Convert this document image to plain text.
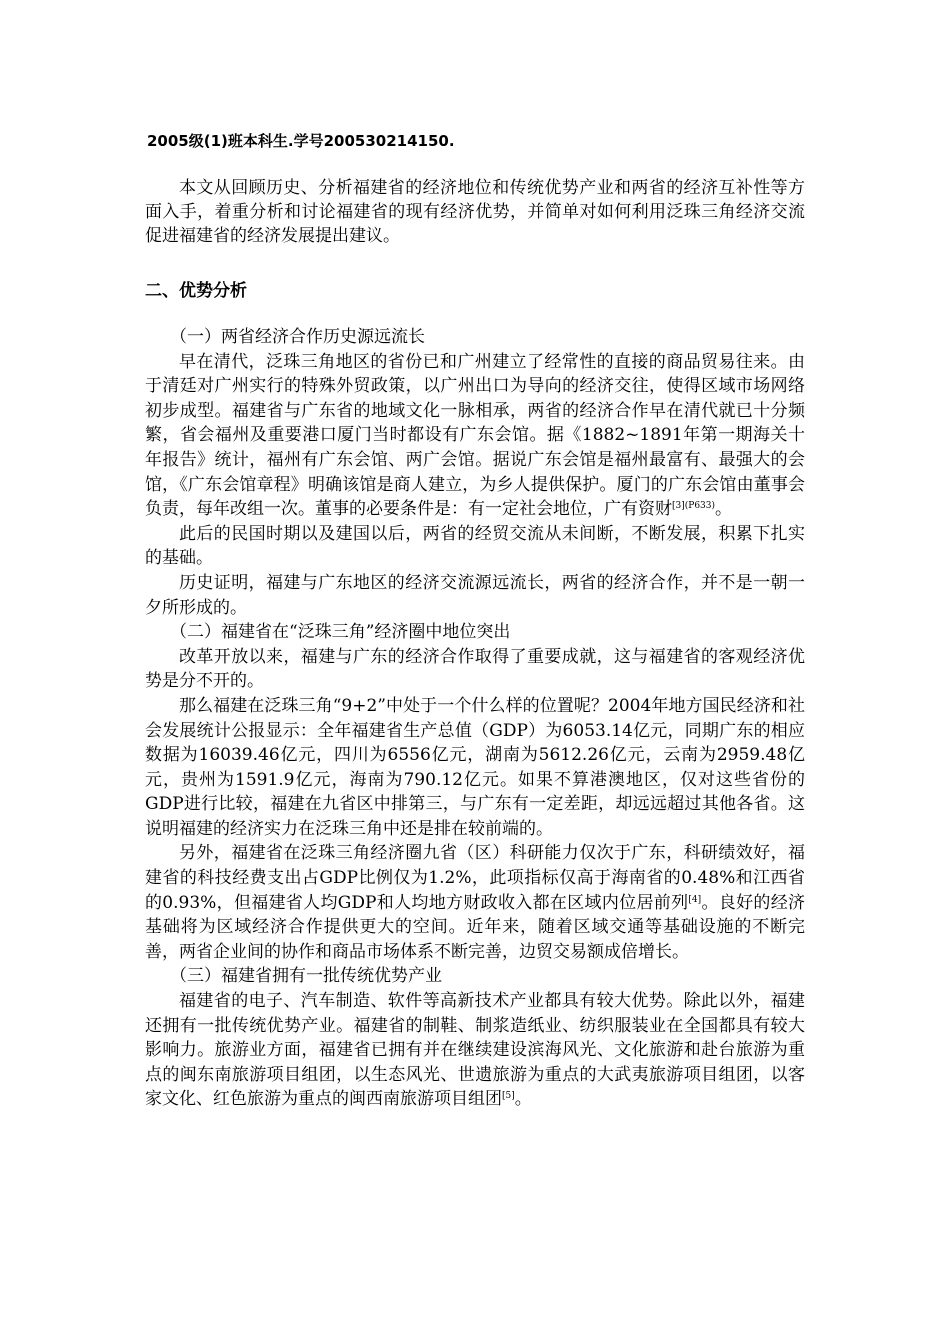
2005级(1)班本科生.学号200530214150.

本文从回顾历史、分析福建省的经济地位和传统优势产业和两省的经济互补性等方面入手，着重分析和讨论福建省的现有经济优势，并简单对如何利用泛珠三角经济交流促进福建省的经济发展提出建议。

二、优势分析

（一）两省经济合作历史源远流长

早在清代，泛珠三角地区的省份已和广州建立了经常性的直接的商品贸易往来。由于清廷对广州实行的特殊外贸政策，以广州出口为导向的经济交往，使得区域市场网络初步成型。福建省与广东省的地域文化一脉相承，两省的经济合作早在清代就已十分频繁，省会福州及重要港口厦门当时都设有广东会馆。据《1882~1891年第一期海关十年报告》统计，福州有广东会馆、两广会馆。据说广东会馆是福州最富有、最强大的会馆，《广东会馆章程》明确该馆是商人建立，为乡人提供保护。厦门的广东会馆由董事会负责，每年改组一次。董事的必要条件是：有一定社会地位，广有资财$^{[3](P633)}$。

此后的民国时期以及建国以后，两省的经贸交流从未间断，不断发展，积累下扎实的基础。

历史证明，福建与广东地区的经济交流源远流长，两省的经济合作，并不是一朝一夕所形成的。

（二）福建省在“泛珠三角”经济圈中地位突出

改革开放以来，福建与广东的经济合作取得了重要成就，这与福建省的客观经济优势是分不开的。

那么福建在泛珠三角“9+2”中处于一个什么样的位置呢？2004年地方国民经济和社会发展统计公报显示：全年福建省生产总值（GDP）为6053.14亿元，同期广东的相应数据为16039.46亿元，四川为6556亿元，湖南为5612.26亿元，云南为2959.48亿元，贵州为1591.9亿元，海南为790.12亿元。如果不算港澳地区，仅对这些省份的GDP进行比较，福建在九省区中排第三，与广东有一定差距，却远远超过其他各省。这说明福建的经济实力在泛珠三角中还是排在较前端的。

另外，福建省在泛珠三角经济圈九省（区）科研能力仅次于广东，科研绩效好，福建省的科技经费支出占GDP比例仅为1.2%，此项指标仅高于海南省的0.48%和江西省的0.93%，但福建省人均GDP和人均地方财政收入都在区域内位居前列[4]。良好的经济基础将为区域经济合作提供更大的空间。近年来，随着区域交通等基础设施的不断完善，两省企业间的协作和商品市场体系不断完善，边贸交易额成倍增长。

（三）福建省拥有一批传统优势产业

福建省的电子、汽车制造、软件等高新技术产业都具有较大优势。除此以外，福建还拥有一批传统优势产业。福建省的制鞋、制浆造纸业、纺织服装业在全国都具有较大影响力。旅游业方面，福建省已拥有并在继续建设滨海风光、文化旅游和赴台旅游为重点的闽东南旅游项目组团，以生态风光、世遗旅游为重点的大武夷旅游项目组团，以客家文化、红色旅游为重点的闽西南旅游项目组团[5]。
